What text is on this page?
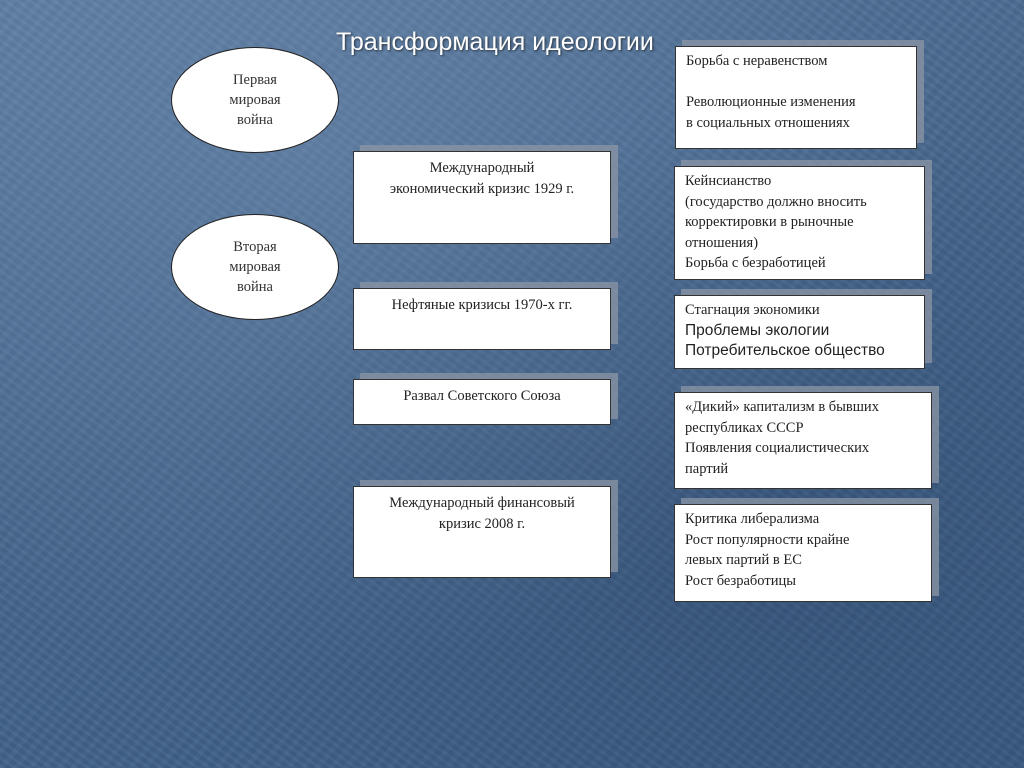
Трансформация идеологии
Первая
мировая
война
Вторая
мировая
война
Международный
экономический кризис 1929 г.
Нефтяные кризисы 1970-х гг.
Развал Советского Союза
Международный финансовый
кризис 2008 г.
Борьба с неравенством

Революционные изменения
в социальных отношениях
Кейнсианство
(государство должно вносить
корректировки в рыночные
отношения)
Борьба с безработицей
Стагнация экономики
Проблемы экологии
Потребительское общество
«Дикий» капитализм в бывших
республиках СССР
Появления социалистических
партий
Критика либерализма
Рост популярности крайне
левых партий в ЕС
Рост безработицы
